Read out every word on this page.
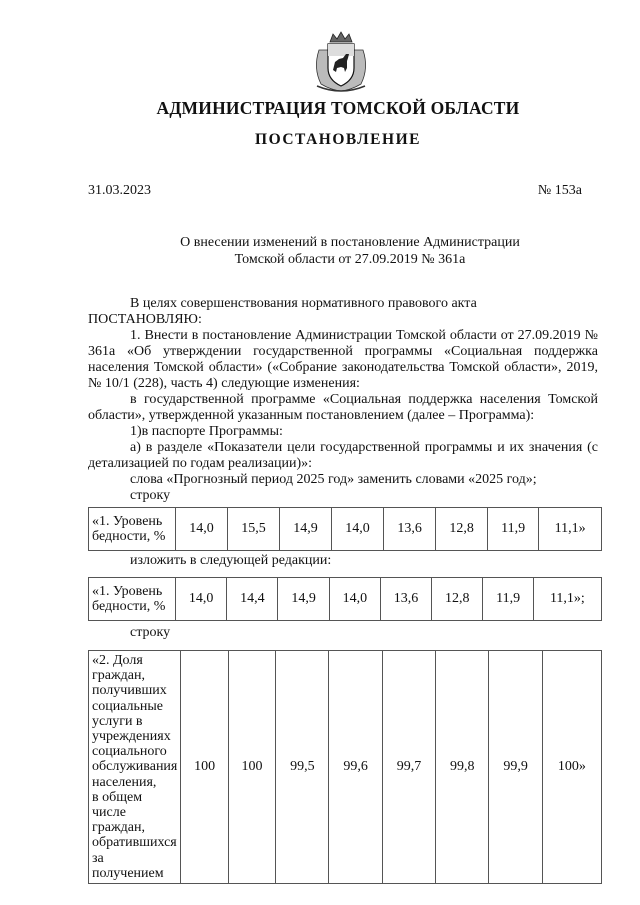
АДМИНИСТРАЦИЯ ТОМСКОЙ ОБЛАСТИ
ПОСТАНОВЛЕНИЕ
31.03.2023	№ 153а
О внесении изменений в постановление Администрации
Томской области от 27.09.2019 № 361а

В целях совершенствования нормативного правового акта

ПОСТАНОВЛЯЮ:

1. Внести в постановление Администрации Томской области от 27.09.2019 № 361а «Об утверждении государственной программы «Социальная поддержка населения Томской области» («Собрание законодательства Томской области», 2019, № 10/1 (228), часть 4) следующие изменения:

в государственной программе «Социальная поддержка населения Томской области», утвержденной указанным постановлением (далее – Программа):

1)в паспорте Программы:

а) в разделе «Показатели цели государственной программы и их значения (с детализацией по годам реализации)»:

слова «Прогнозный период 2025 год» заменить словами «2025 год»;

строку

«1. Уровень
бедности, %
	14,0	15,5	14,9	14,0	13,6	12,8	11,9	11,1»
изложить в следующей редакции:
«1. Уровень
бедности, %
	14,0	14,4	14,9	14,0	13,6	12,8	11,9	11,1»;
строку
«2. Доля
граждан,
получивших
социальные
услуги в
учреждениях
социального
обслуживания
населения,
в общем числе
граждан,
обратившихся
за получением
	100	100	99,5	99,6	99,7	99,8	99,9	100»
